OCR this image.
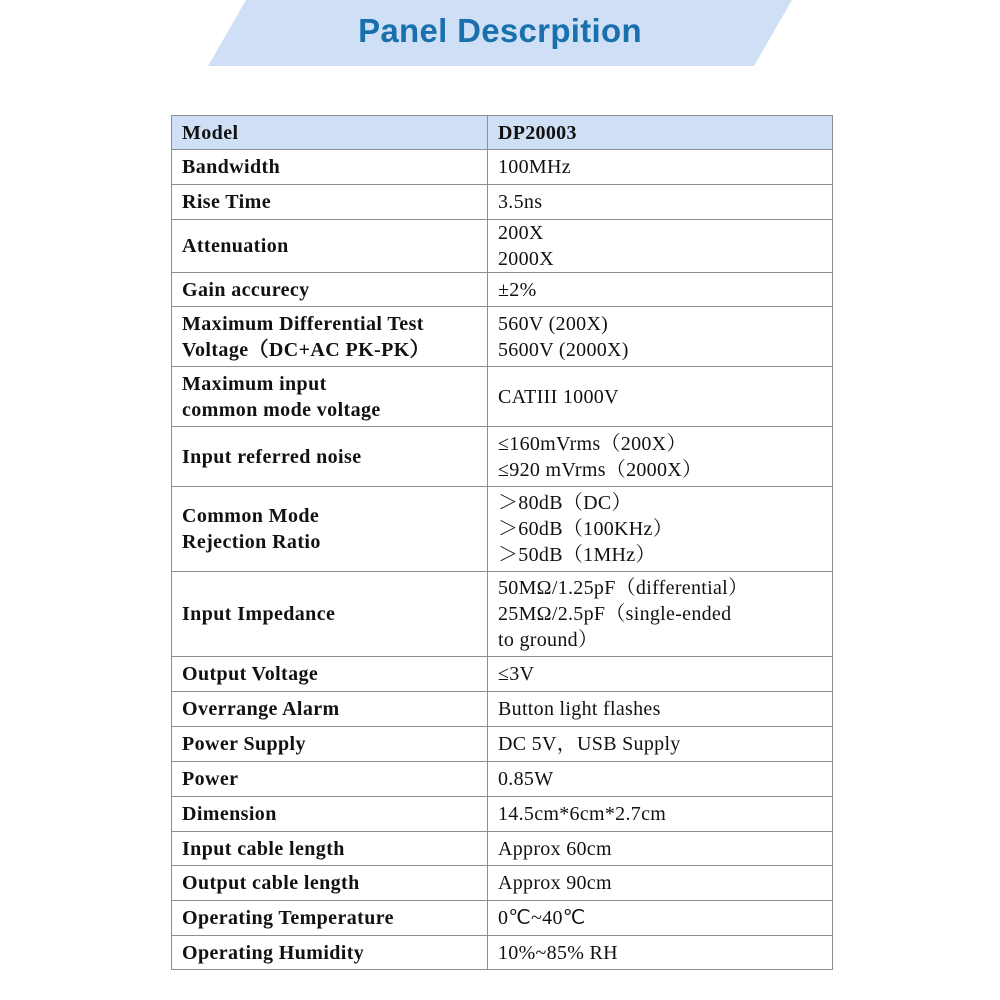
Panel Descrpition
Model	DP20003

Bandwidth	100MHz

Rise Time	3.5ns

Attenuation	200X
2000X

Gain accurecy	±2%

Maximum Differential Test
Voltage（DC+AC PK-PK）	560V (200X)
5600V (2000X)

Maximum input
common mode voltage	CATIII 1000V

Input referred noise	≤160mVrms（200X）
≤920 mVrms（2000X）

Common Mode
Rejection Ratio	＞80dB（DC）
＞60dB（100KHz）
＞50dB（1MHz）

Input Impedance	50MΩ/1.25pF（differential）
25MΩ/2.5pF（single-ended
to ground）

Output Voltage	≤3V

Overrange Alarm	Button light flashes

Power Supply	DC 5V，USB Supply

Power	0.85W

Dimension	14.5cm*6cm*2.7cm

Input cable length	Approx 60cm

Output cable length	Approx 90cm

Operating Temperature	0℃~40℃

Operating Humidity	10%~85% RH
